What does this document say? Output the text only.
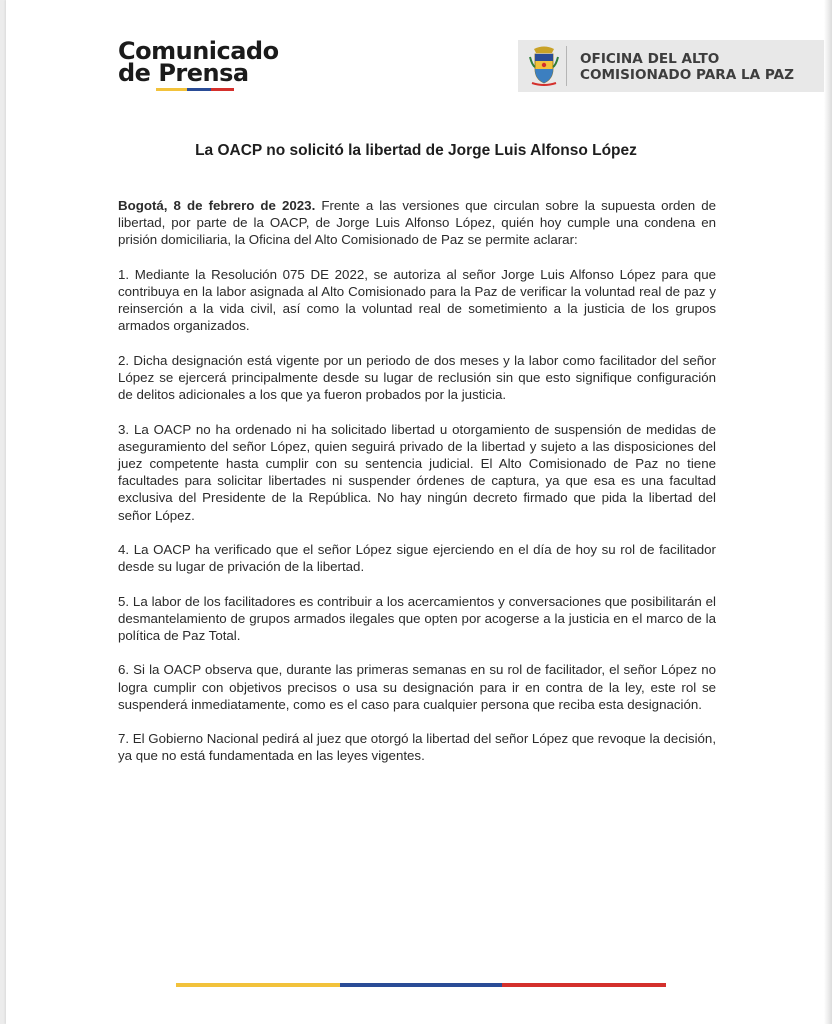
Comunicado
de Prensa	OFICINA DEL ALTO
COMISIONADO PARA LA PAZ
La OACP no solicitó la libertad de Jorge Luis Alfonso López

Bogotá, 8 de febrero de 2023. Frente a las versiones que circulan sobre la supuesta orden de libertad, por parte de la OACP, de Jorge Luis Alfonso López, quién hoy cumple una condena en prisión domiciliaria, la Oficina del Alto Comisionado de Paz se permite aclarar:

1. Mediante la Resolución 075 DE 2022, se autoriza al señor Jorge Luis Alfonso López para que contribuya en la labor asignada al Alto Comisionado para la Paz de verificar la voluntad real de paz y reinserción a la vida civil, así como la voluntad real de sometimiento a la justicia de los grupos armados organizados.

2. Dicha designación está vigente por un periodo de dos meses y la labor como facilitador del señor López se ejercerá principalmente desde su lugar de reclusión sin que esto signifique configuración de delitos adicionales a los que ya fueron probados por la justicia.

3. La OACP no ha ordenado ni ha solicitado libertad u otorgamiento de suspensión de medidas de aseguramiento del señor López, quien seguirá privado de la libertad y sujeto a las disposiciones del juez competente hasta cumplir con su sentencia judicial. El Alto Comisionado de Paz no tiene facultades para solicitar libertades ni suspender órdenes de captura, ya que esa es una facultad exclusiva del Presidente de la República. No hay ningún decreto firmado que pida la libertad del señor López.

4. La OACP ha verificado que el señor López sigue ejerciendo en el día de hoy su rol de facilitador desde su lugar de privación de la libertad.

5. La labor de los facilitadores es contribuir a los acercamientos y conversaciones que posibilitarán el desmantelamiento de grupos armados ilegales que opten por acogerse a la justicia en el marco de la política de Paz Total.

6. Si la OACP observa que, durante las primeras semanas en su rol de facilitador, el señor López no logra cumplir con objetivos precisos o usa su designación para ir en contra de la ley, este rol se suspenderá inmediatamente, como es el caso para cualquier persona que reciba esta designación.

7. El Gobierno Nacional pedirá al juez que otorgó la libertad del señor López que revoque la decisión, ya que no está fundamentada en las leyes vigentes.
